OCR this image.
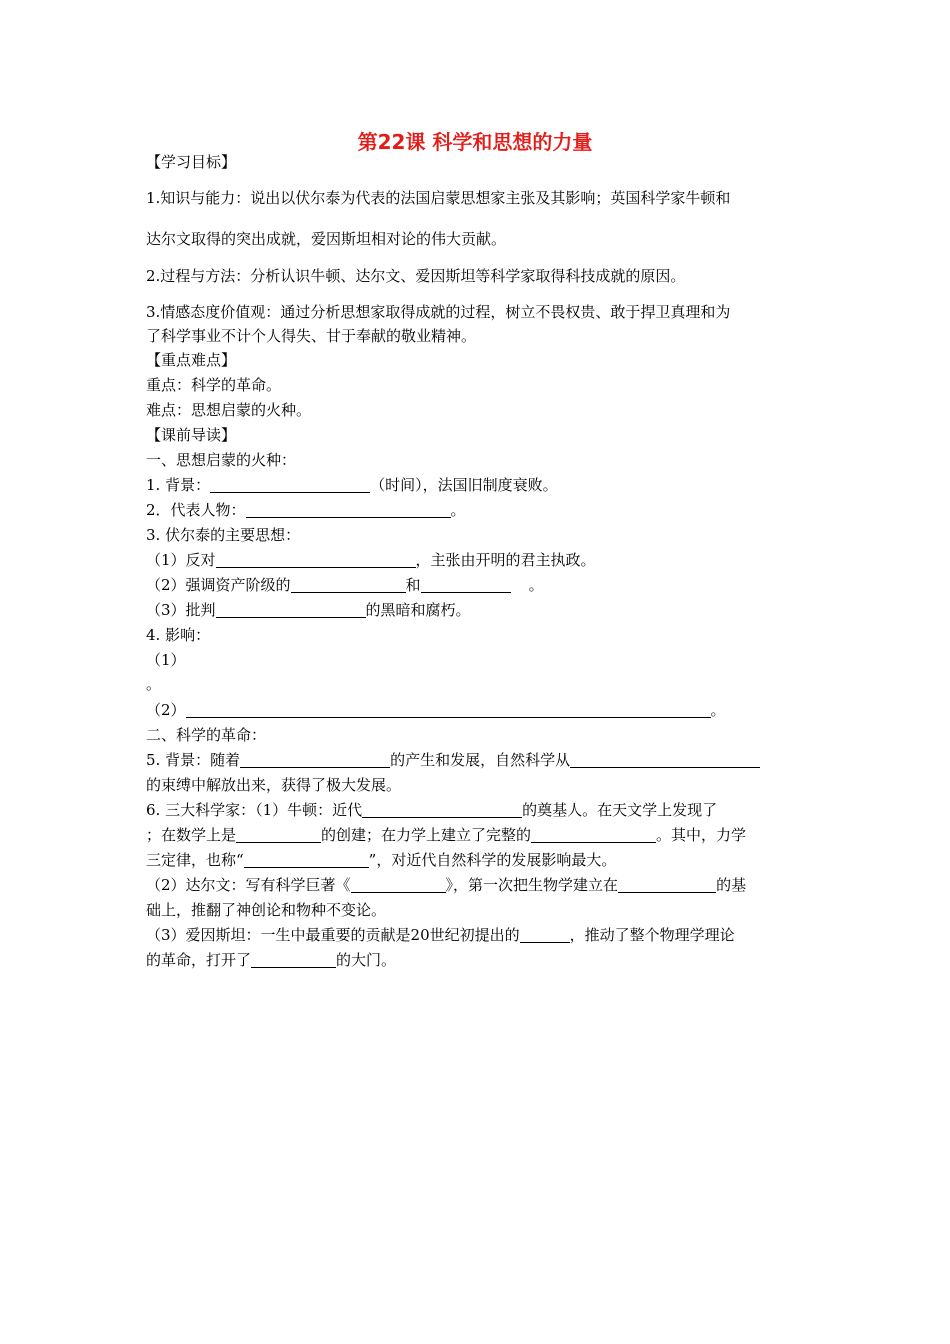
第22课 科学和思想的力量
【学习目标】
1.知识与能力：说出以伏尔泰为代表的法国启蒙思想家主张及其影响；英国科学家牛顿和
达尔文取得的突出成就，爱因斯坦相对论的伟大贡献。
2.过程与方法：分析认识牛顿、达尔文、爱因斯坦等科学家取得科技成就的原因。
3.情感态度价值观：通过分析思想家取得成就的过程，树立不畏权贵、敢于捍卫真理和为
了科学事业不计个人得失、甘于奉献的敬业精神。
【重点难点】
重点：科学的革命。
难点：思想启蒙的火种。
【课前导读】
一、思想启蒙的火种：
1. 背景：	（时间），法国旧制度衰败。
2．代表人物：	。
3. 伏尔泰的主要思想：
（1）反对	，主张由开明的君主执政。
（2）强调资产阶级的	和	。
（3）批判	的黑暗和腐朽。
4. 影响：
（1）
。
（2）	。
二、科学的革命：
5. 背景：随着	的产生和发展，自然科学从
的束缚中解放出来，获得了极大发展。
6. 三大科学家：（1）牛顿：近代	的奠基人。在天文学上发现了
；在数学上是	的创建；在力学上建立了完整的	。其中，力学
三定律，也称“	”，对近代自然科学的发展影响最大。
（2）达尔文：写有科学巨著《	》，第一次把生物学建立在	的基
础上，推翻了神创论和物种不变论。
（3）爱因斯坦：一生中最重要的贡献是20世纪初提出的	，推动了整个物理学理论
的革命，打开了	的大门。
